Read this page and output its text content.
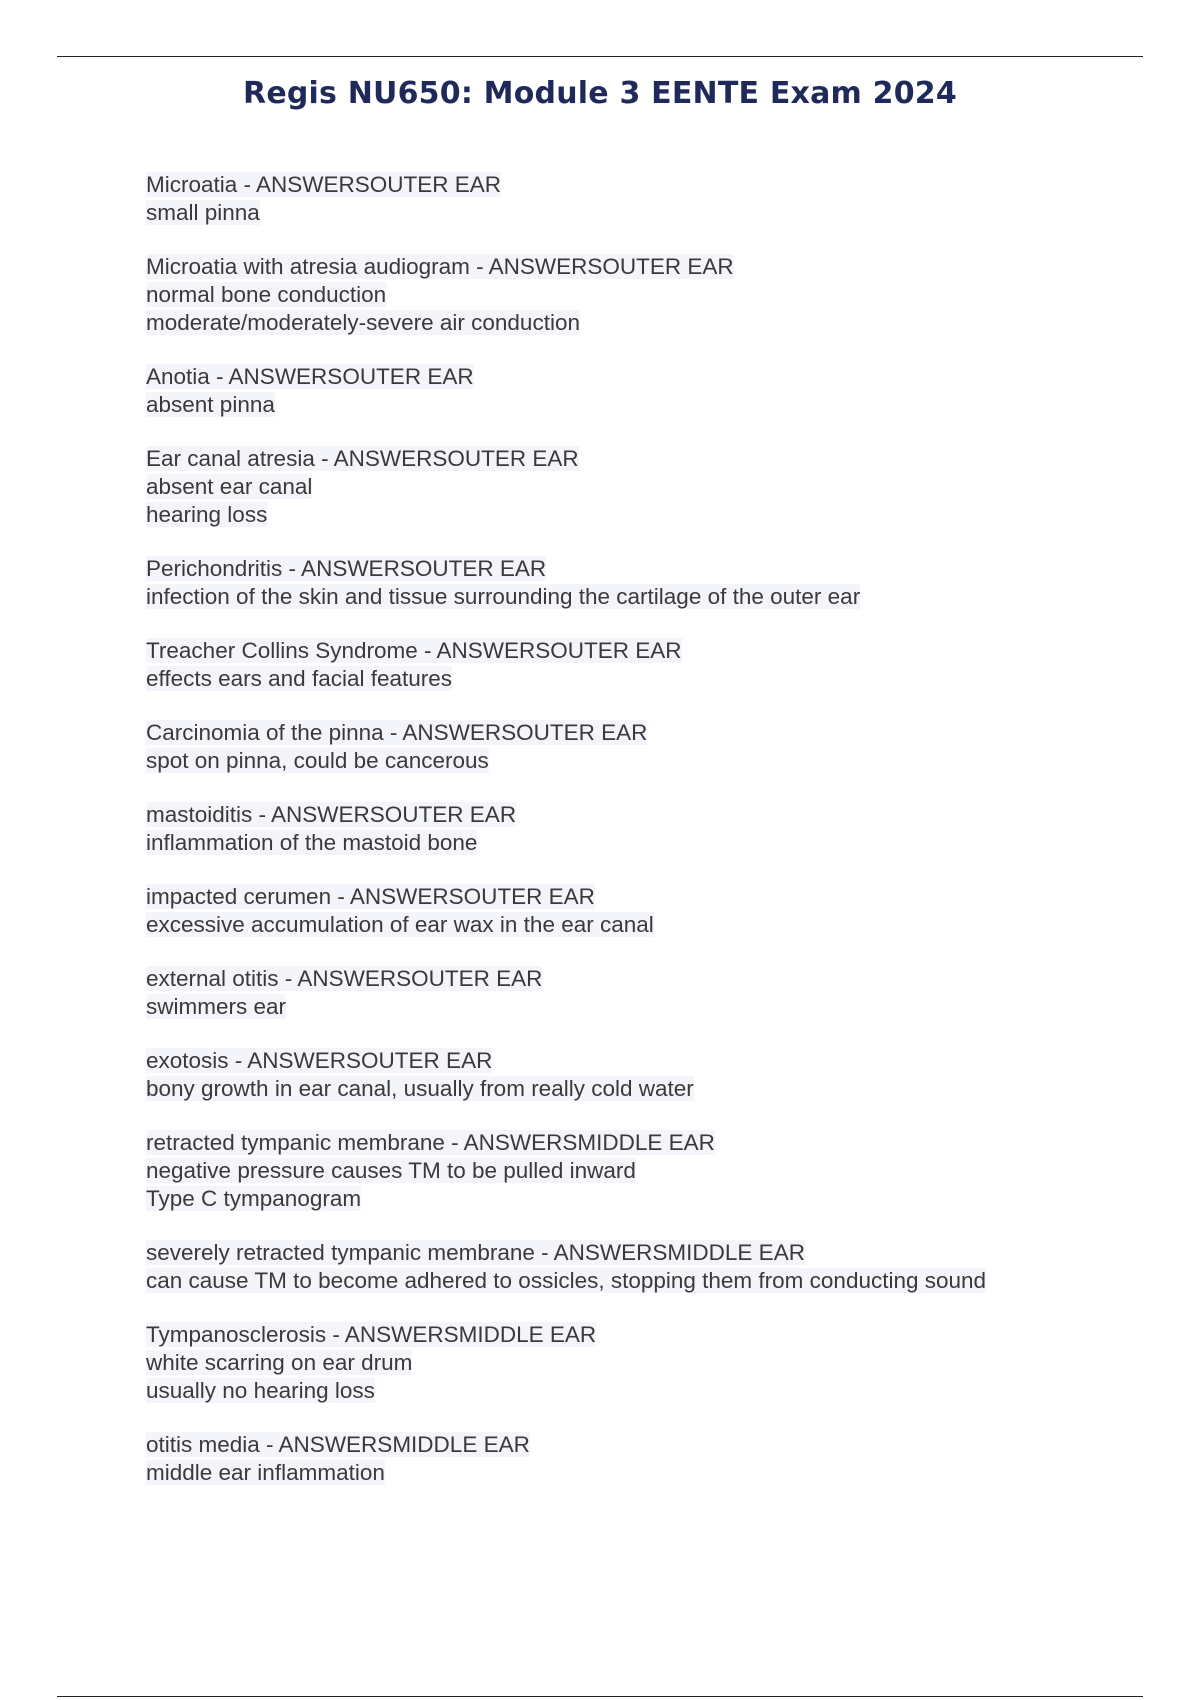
Regis NU650: Module 3 EENTE Exam 2024
Microatia - ANSWERSOUTER EAR
small pinna
Microatia with atresia audiogram - ANSWERSOUTER EAR
normal bone conduction
moderate/moderately-severe air conduction
Anotia - ANSWERSOUTER EAR
absent pinna
Ear canal atresia - ANSWERSOUTER EAR
absent ear canal
hearing loss
Perichondritis - ANSWERSOUTER EAR
infection of the skin and tissue surrounding the cartilage of the outer ear
Treacher Collins Syndrome - ANSWERSOUTER EAR
effects ears and facial features
Carcinomia of the pinna - ANSWERSOUTER EAR
spot on pinna, could be cancerous
mastoiditis - ANSWERSOUTER EAR
inflammation of the mastoid bone
impacted cerumen - ANSWERSOUTER EAR
excessive accumulation of ear wax in the ear canal
external otitis - ANSWERSOUTER EAR
swimmers ear
exotosis - ANSWERSOUTER EAR
bony growth in ear canal, usually from really cold water
retracted tympanic membrane - ANSWERSMIDDLE EAR
negative pressure causes TM to be pulled inward
Type C tympanogram
severely retracted tympanic membrane - ANSWERSMIDDLE EAR
can cause TM to become adhered to ossicles, stopping them from conducting sound
Tympanosclerosis - ANSWERSMIDDLE EAR
white scarring on ear drum
usually no hearing loss
otitis media - ANSWERSMIDDLE EAR
middle ear inflammation
